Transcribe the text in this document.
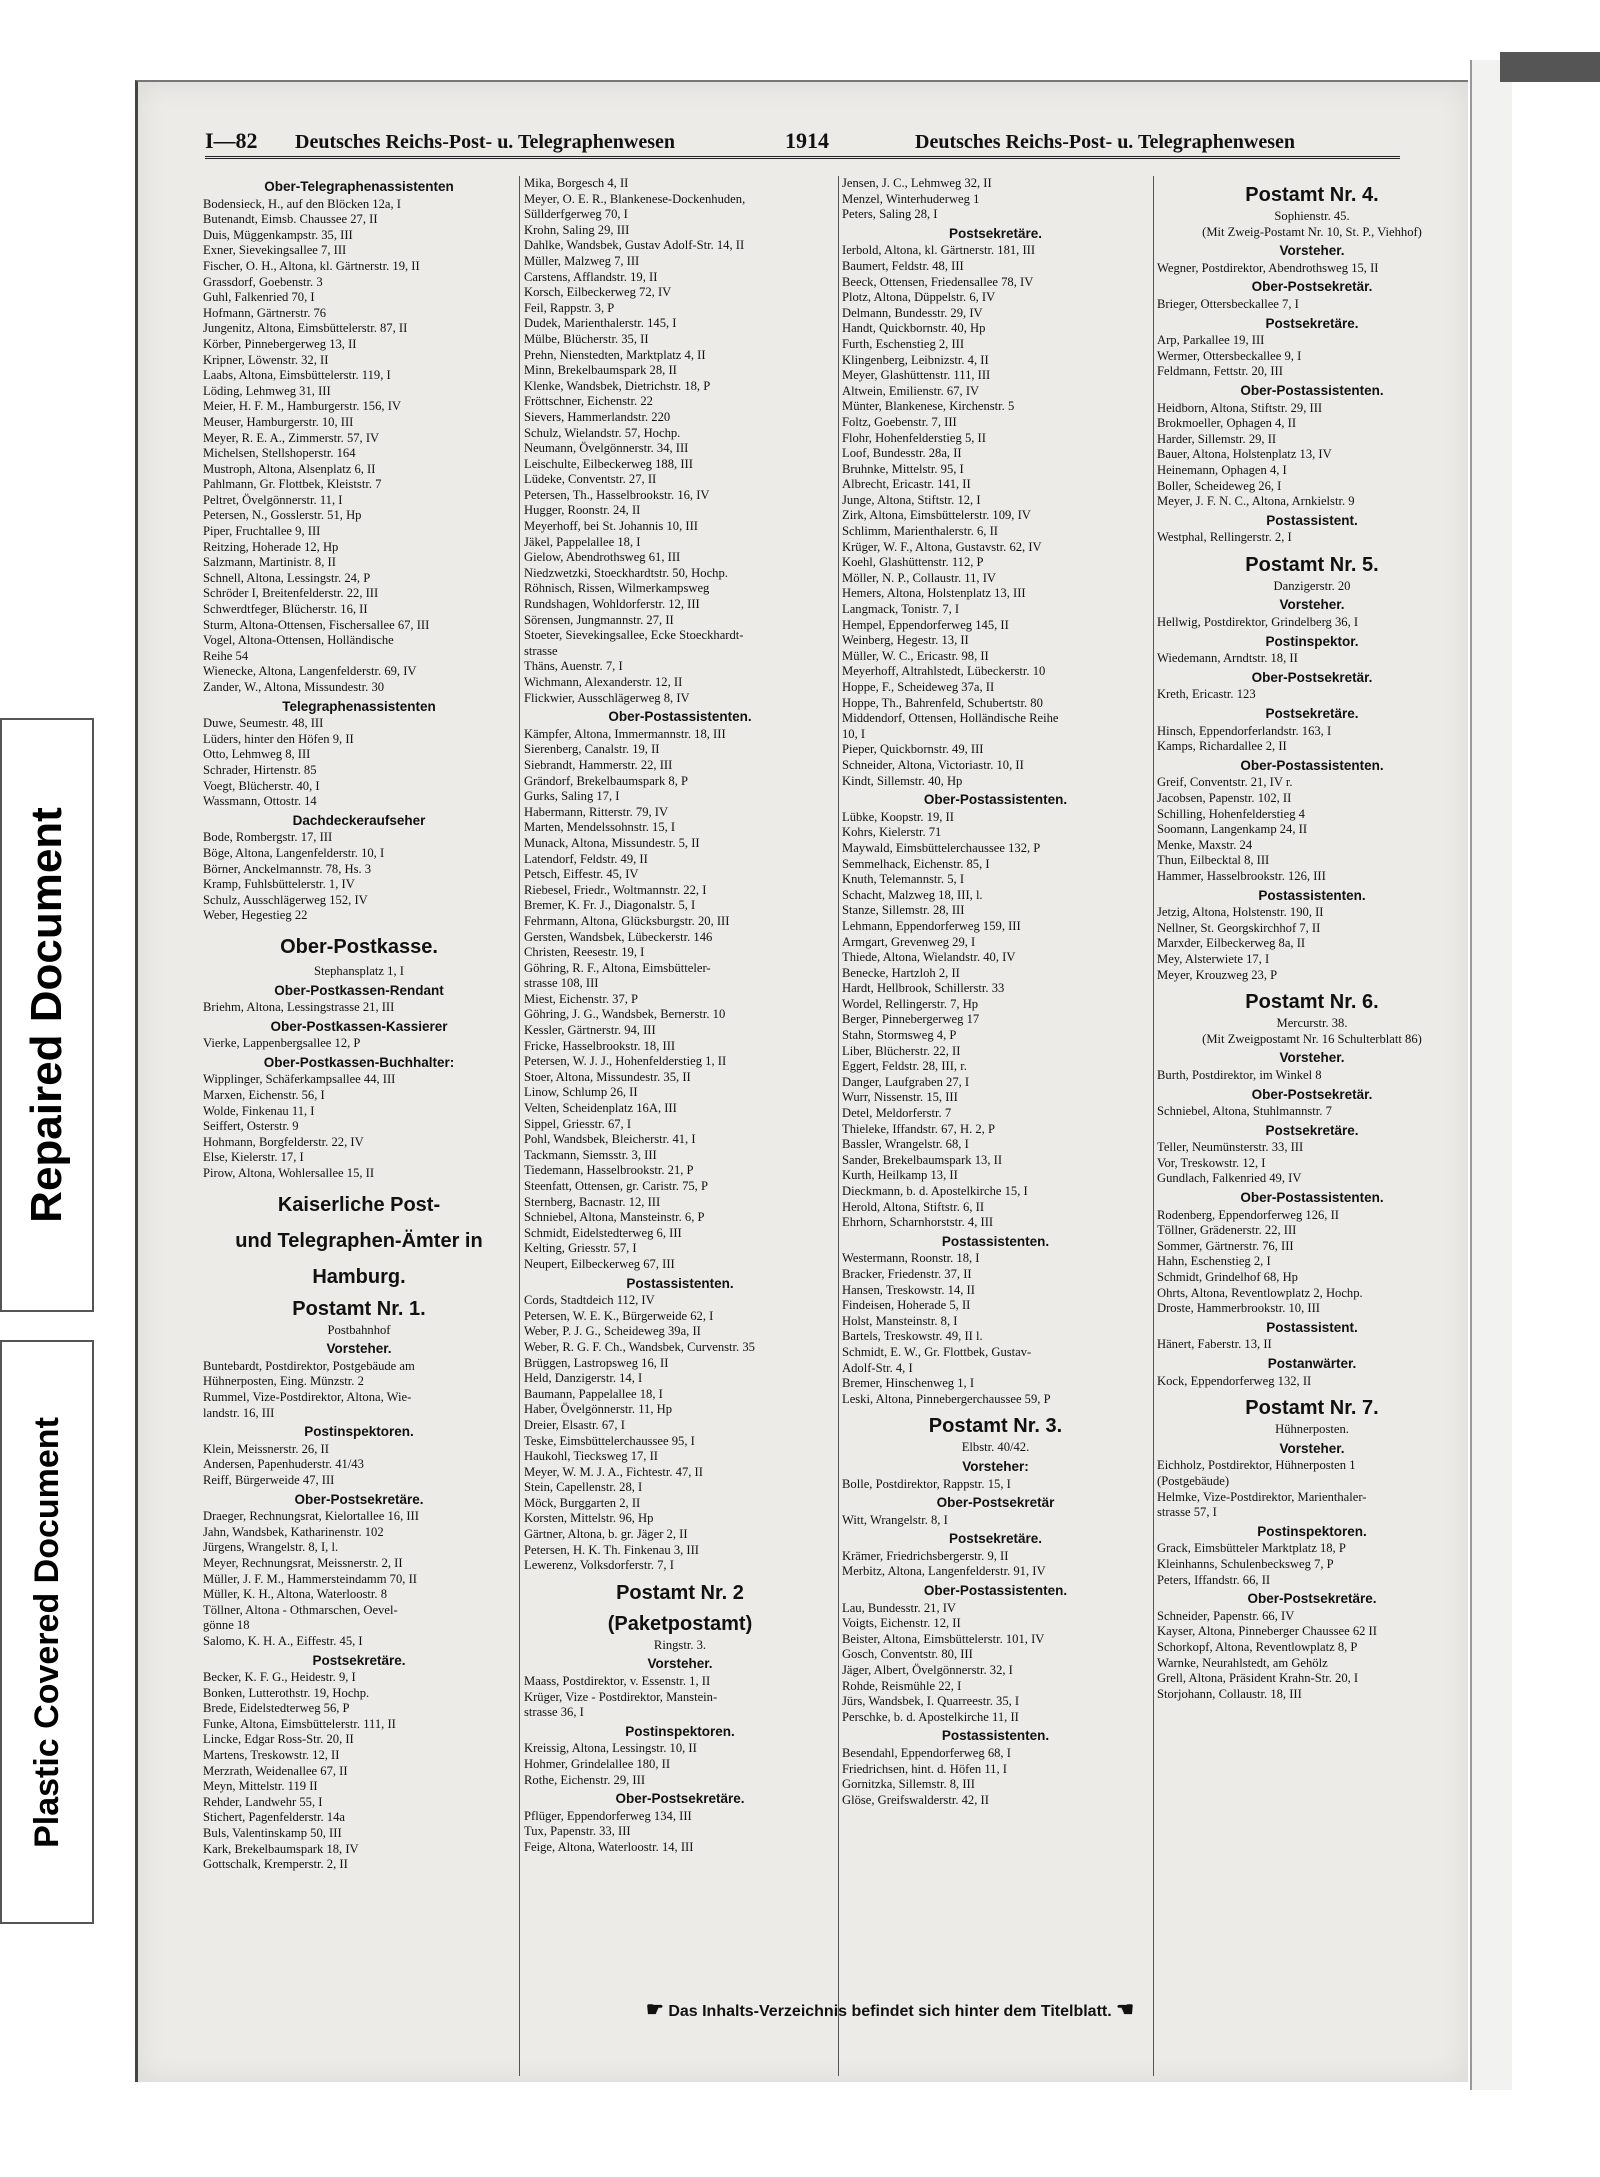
Repaired Document
Plastic Covered Document
I—82	Deutsches Reichs-Post- u. Telegraphenwesen	1914	Deutsches Reichs-Post- u. Telegraphenwesen
Ober-Telegraphenassistenten
Bodensieck, H., auf den Blöcken 12a, I
Butenandt, Eimsb. Chaussee 27, II
Duis, Müggenkampstr. 35, III
Exner, Sievekingsallee 7, III
Fischer, O. H., Altona, kl. Gärtnerstr. 19, II
Grassdorf, Goebenstr. 3
Guhl, Falkenried 70, I
Hofmann, Gärtnerstr. 76
Jungenitz, Altona, Eimsbüttelerstr. 87, II
Körber, Pinnebergerweg 13, II
Kripner, Löwenstr. 32, II
Laabs, Altona, Eimsbüttelerstr. 119, I
Löding, Lehmweg 31, III
Meier, H. F. M., Hamburgerstr. 156, IV
Meuser, Hamburgerstr. 10, III
Meyer, R. E. A., Zimmerstr. 57, IV
Michelsen, Stellshoperstr. 164
Mustroph, Altona, Alsenplatz 6, II
Pahlmann, Gr. Flottbek, Kleiststr. 7
Peltret, Övelgönnerstr. 11, I
Petersen, N., Gosslerstr. 51, Hp
Piper, Fruchtallee 9, III
Reitzing, Hoherade 12, Hp
Salzmann, Martinistr. 8, II
Schnell, Altona, Lessingstr. 24, P
Schröder I, Breitenfelderstr. 22, III
Schwerdtfeger, Blücherstr. 16, II
Sturm, Altona-Ottensen, Fischersallee 67, III
Vogel, Altona-Ottensen, Holländische
Reihe 54
Wienecke, Altona, Langenfelderstr. 69, IV
Zander, W., Altona, Missundestr. 30
Telegraphenassistenten
Duwe, Seumestr. 48, III
Lüders, hinter den Höfen 9, II
Otto, Lehmweg 8, III
Schrader, Hirtenstr. 85
Voegt, Blücherstr. 40, I
Wassmann, Ottostr. 14
Dachdeckeraufseher
Bode, Rombergstr. 17, III
Böge, Altona, Langenfelderstr. 10, I
Börner, Anckelmannstr. 78, Hs. 3
Kramp, Fuhlsbüttelerstr. 1, IV
Schulz, Ausschlägerweg 152, IV
Weber, Hegestieg 22
Ober-Postkasse.
Stephansplatz 1, I
Ober-Postkassen-Rendant
Briehm, Altona, Lessingstrasse 21, III
Ober-Postkassen-Kassierer
Vierke, Lappenbergsallee 12, P
Ober-Postkassen-Buchhalter:
Wipplinger, Schäferkampsallee 44, III
Marxen, Eichenstr. 56, I
Wolde, Finkenau 11, I
Seiffert, Osterstr. 9
Hohmann, Borgfelderstr. 22, IV
Else, Kielerstr. 17, I
Pirow, Altona, Wohlersallee 15, II
Kaiserliche Post-
und Telegraphen-Ämter in
Hamburg.
Postamt Nr. 1.
Postbahnhof
Vorsteher.
Buntebardt, Postdirektor, Postgebäude am
Hühnerposten, Eing. Münzstr. 2
Rummel, Vize-Postdirektor, Altona, Wie-
landstr. 16, III
Postinspektoren.
Klein, Meissnerstr. 26, II
Andersen, Papenhuderstr. 41/43
Reiff, Bürgerweide 47, III
Ober-Postsekretäre.
Draeger, Rechnungsrat, Kielortallee 16, III
Jahn, Wandsbek, Katharinenstr. 102
Jürgens, Wrangelstr. 8, I, l.
Meyer, Rechnungsrat, Meissnerstr. 2, II
Müller, J. F. M., Hammersteindamm 70, II
Müller, K. H., Altona, Waterloostr. 8
Töllner, Altona - Othmarschen, Oevel-
gönne 18
Salomo, K. H. A., Eiffestr. 45, I
Postsekretäre.
Becker, K. F. G., Heidestr. 9, I
Bonken, Lutterothstr. 19, Hochp.
Brede, Eidelstedterweg 56, P
Funke, Altona, Eimsbüttelerstr. 111, II
Lincke, Edgar Ross-Str. 20, II
Martens, Treskowstr. 12, II
Merzrath, Weidenallee 67, II
Meyn, Mittelstr. 119 II
Rehder, Landwehr 55, I
Stichert, Pagenfelderstr. 14a
Buls, Valentinskamp 50, III
Kark, Brekelbaumspark 18, IV
Gottschalk, Kremperstr. 2, II
Mika, Borgesch 4, II
Meyer, O. E. R., Blankenese-Dockenhuden,
Süllderfgerweg 70, I
Krohn, Saling 29, III
Dahlke, Wandsbek, Gustav Adolf-Str. 14, II
Müller, Malzweg 7, III
Carstens, Afflandstr. 19, II
Korsch, Eilbeckerweg 72, IV
Feil, Rappstr. 3, P
Dudek, Marienthalerstr. 145, I
Mülbe, Blücherstr. 35, II
Prehn, Nienstedten, Marktplatz 4, II
Minn, Brekelbaumspark 28, II
Klenke, Wandsbek, Dietrichstr. 18, P
Fröttschner, Eichenstr. 22
Sievers, Hammerlandstr. 220
Schulz, Wielandstr. 57, Hochp.
Neumann, Övelgönnerstr. 34, III
Leischulte, Eilbeckerweg 188, III
Lüdeke, Conventstr. 27, II
Petersen, Th., Hasselbrookstr. 16, IV
Hugger, Roonstr. 24, II
Meyerhoff, bei St. Johannis 10, III
Jäkel, Pappelallee 18, I
Gielow, Abendrothsweg 61, III
Niedzwetzki, Stoeckhardtstr. 50, Hochp.
Röhnisch, Rissen, Wilmerkampsweg
Rundshagen, Wohldorferstr. 12, III
Sörensen, Jungmannstr. 27, II
Stoeter, Sievekingsallee, Ecke Stoeckhardt-
strasse
Thäns, Auenstr. 7, I
Wichmann, Alexanderstr. 12, II
Flickwier, Ausschlägerweg 8, IV
Ober-Postassistenten.
Kämpfer, Altona, Immermannstr. 18, III
Sierenberg, Canalstr. 19, II
Siebrandt, Hammerstr. 22, III
Grändorf, Brekelbaumspark 8, P
Gurks, Saling 17, I
Habermann, Ritterstr. 79, IV
Marten, Mendelssohnstr. 15, I
Munack, Altona, Missundestr. 5, II
Latendorf, Feldstr. 49, II
Petsch, Eiffestr. 45, IV
Riebesel, Friedr., Woltmannstr. 22, I
Bremer, K. Fr. J., Diagonalstr. 5, I
Fehrmann, Altona, Glücksburgstr. 20, III
Gersten, Wandsbek, Lübeckerstr. 146
Christen, Reesestr. 19, I
Göhring, R. F., Altona, Eimsbütteler-
strasse 108, III
Miest, Eichenstr. 37, P
Göhring, J. G., Wandsbek, Bernerstr. 10
Kessler, Gärtnerstr. 94, III
Fricke, Hasselbrookstr. 18, III
Petersen, W. J. J., Hohenfelderstieg 1, II
Stoer, Altona, Missundestr. 35, II
Linow, Schlump 26, II
Velten, Scheidenplatz 16A, III
Sippel, Griesstr. 67, I
Pohl, Wandsbek, Bleicherstr. 41, I
Tackmann, Siemsstr. 3, III
Tiedemann, Hasselbrookstr. 21, P
Steenfatt, Ottensen, gr. Caristr. 75, P
Sternberg, Bacnastr. 12, III
Schniebel, Altona, Mansteinstr. 6, P
Schmidt, Eidelstedterweg 6, III
Kelting, Griesstr. 57, I
Neupert, Eilbeckerweg 67, III
Postassistenten.
Cords, Stadtdeich 112, IV
Petersen, W. E. K., Bürgerweide 62, I
Weber, P. J. G., Scheideweg 39a, II
Weber, R. G. F. Ch., Wandsbek, Curvenstr. 35
Brüggen, Lastropsweg 16, II
Held, Danzigerstr. 14, I
Baumann, Pappelallee 18, I
Haber, Övelgönnerstr. 11, Hp
Dreier, Elsastr. 67, I
Teske, Eimsbüttelerchaussee 95, I
Haukohl, Tiecksweg 17, II
Meyer, W. M. J. A., Fichtestr. 47, II
Stein, Capellenstr. 28, I
Möck, Burggarten 2, II
Korsten, Mittelstr. 96, Hp
Gärtner, Altona, b. gr. Jäger 2, II
Petersen, H. K. Th. Finkenau 3, III
Lewerenz, Volksdorferstr. 7, I
Postamt Nr. 2
(Paketpostamt)
Ringstr. 3.
Vorsteher.
Maass, Postdirektor, v. Essenstr. 1, II
Krüger, Vize - Postdirektor, Manstein-
strasse 36, I
Postinspektoren.
Kreissig, Altona, Lessingstr. 10, II
Hohmer, Grindelallee 180, II
Rothe, Eichenstr. 29, III
Ober-Postsekretäre.
Pflüger, Eppendorferweg 134, III
Tux, Papenstr. 33, III
Feige, Altona, Waterloostr. 14, III
Jensen, J. C., Lehmweg 32, II
Menzel, Winterhuderweg 1
Peters, Saling 28, I
Postsekretäre.
Ierbold, Altona, kl. Gärtnerstr. 181, III
Baumert, Feldstr. 48, III
Beeck, Ottensen, Friedensallee 78, IV
Plotz, Altona, Düppelstr. 6, IV
Delmann, Bundesstr. 29, IV
Handt, Quickbornstr. 40, Hp
Furth, Eschenstieg 2, III
Klingenberg, Leibnizstr. 4, II
Meyer, Glashüttenstr. 111, III
Altwein, Emilienstr. 67, IV
Münter, Blankenese, Kirchenstr. 5
Foltz, Goebenstr. 7, III
Flohr, Hohenfelderstieg 5, II
Loof, Bundesstr. 28a, II
Bruhnke, Mittelstr. 95, I
Albrecht, Ericastr. 141, II
Junge, Altona, Stiftstr. 12, I
Zirk, Altona, Eimsbüttelerstr. 109, IV
Schlimm, Marienthalerstr. 6, II
Krüger, W. F., Altona, Gustavstr. 62, IV
Koehl, Glashüttenstr. 112, P
Möller, N. P., Collaustr. 11, IV
Hemers, Altona, Holstenplatz 13, III
Langmack, Tonistr. 7, I
Hempel, Eppendorferweg 145, II
Weinberg, Hegestr. 13, II
Müller, W. C., Ericastr. 98, II
Meyerhoff, Altrahlstedt, Lübeckerstr. 10
Hoppe, F., Scheideweg 37a, II
Hoppe, Th., Bahrenfeld, Schubertstr. 80
Middendorf, Ottensen, Holländische Reihe
10, I
Pieper, Quickbornstr. 49, III
Schneider, Altona, Victoriastr. 10, II
Kindt, Sillemstr. 40, Hp
Ober-Postassistenten.
Lübke, Koopstr. 19, II
Kohrs, Kielerstr. 71
Maywald, Eimsbüttelerchaussee 132, P
Semmelhack, Eichenstr. 85, I
Knuth, Telemannstr. 5, I
Schacht, Malzweg 18, III, l.
Stanze, Sillemstr. 28, III
Lehmann, Eppendorferweg 159, III
Armgart, Grevenweg 29, I
Thiede, Altona, Wielandstr. 40, IV
Benecke, Hartzloh 2, II
Hardt, Hellbrook, Schillerstr. 33
Wordel, Rellingerstr. 7, Hp
Berger, Pinnebergerweg 17
Stahn, Stormsweg 4, P
Liber, Blücherstr. 22, II
Eggert, Feldstr. 28, III, r.
Danger, Laufgraben 27, I
Wurr, Nissenstr. 15, III
Detel, Meldorferstr. 7
Thieleke, Iffandstr. 67, H. 2, P
Bassler, Wrangelstr. 68, I
Sander, Brekelbaumspark 13, II
Kurth, Heilkamp 13, II
Dieckmann, b. d. Apostelkirche 15, I
Herold, Altona, Stiftstr. 6, II
Ehrhorn, Scharnhorststr. 4, III
Postassistenten.
Westermann, Roonstr. 18, I
Bracker, Friedenstr. 37, II
Hansen, Treskowstr. 14, II
Findeisen, Hoherade 5, II
Holst, Mansteinstr. 8, I
Bartels, Treskowstr. 49, II l.
Schmidt, E. W., Gr. Flottbek, Gustav-
Adolf-Str. 4, I
Bremer, Hinschenweg 1, I
Leski, Altona, Pinnebergerchaussee 59, P
Postamt Nr. 3.
Elbstr. 40/42.
Vorsteher:
Bolle, Postdirektor, Rappstr. 15, I
Ober-Postsekretär
Witt, Wrangelstr. 8, I
Postsekretäre.
Krämer, Friedrichsbergerstr. 9, II
Merbitz, Altona, Langenfelderstr. 91, IV
Ober-Postassistenten.
Lau, Bundesstr. 21, IV
Voigts, Eichenstr. 12, II
Beister, Altona, Eimsbüttelerstr. 101, IV
Gosch, Conventstr. 80, III
Jäger, Albert, Övelgönnerstr. 32, I
Rohde, Reismühle 22, I
Jürs, Wandsbek, I. Quarreestr. 35, I
Perschke, b. d. Apostelkirche 11, II
Postassistenten.
Besendahl, Eppendorferweg 68, I
Friedrichsen, hint. d. Höfen 11, I
Gornitzka, Sillemstr. 8, III
Glöse, Greifswalderstr. 42, II
Postamt Nr. 4.
Sophienstr. 45.
(Mit Zweig-Postamt Nr. 10, St. P., Viehhof)
Vorsteher.
Wegner, Postdirektor, Abendrothsweg 15, II
Ober-Postsekretär.
Brieger, Ottersbeckallee 7, I
Postsekretäre.
Arp, Parkallee 19, III
Wermer, Ottersbeckallee 9, I
Feldmann, Fettstr. 20, III
Ober-Postassistenten.
Heidborn, Altona, Stiftstr. 29, III
Brokmoeller, Ophagen 4, II
Harder, Sillemstr. 29, II
Bauer, Altona, Holstenplatz 13, IV
Heinemann, Ophagen 4, I
Boller, Scheideweg 26, I
Meyer, J. F. N. C., Altona, Arnkielstr. 9
Postassistent.
Westphal, Rellingerstr. 2, I
Postamt Nr. 5.
Danzigerstr. 20
Vorsteher.
Hellwig, Postdirektor, Grindelberg 36, I
Postinspektor.
Wiedemann, Arndtstr. 18, II
Ober-Postsekretär.
Kreth, Ericastr. 123
Postsekretäre.
Hinsch, Eppendorferlandstr. 163, I
Kamps, Richardallee 2, II
Ober-Postassistenten.
Greif, Conventstr. 21, IV r.
Jacobsen, Papenstr. 102, II
Schilling, Hohenfelderstieg 4
Soomann, Langenkamp 24, II
Menke, Maxstr. 24
Thun, Eilbecktal 8, III
Hammer, Hasselbrookstr. 126, III
Postassistenten.
Jetzig, Altona, Holstenstr. 190, II
Nellner, St. Georgskirchhof 7, II
Marxder, Eilbeckerweg 8a, II
Mey, Alsterwiete 17, I
Meyer, Krouzweg 23, P
Postamt Nr. 6.
Mercurstr. 38.
(Mit Zweigpostamt Nr. 16 Schulterblatt 86)
Vorsteher.
Burth, Postdirektor, im Winkel 8
Ober-Postsekretär.
Schniebel, Altona, Stuhlmannstr. 7
Postsekretäre.
Teller, Neumünsterstr. 33, III
Vor, Treskowstr. 12, I
Gundlach, Falkenried 49, IV
Ober-Postassistenten.
Rodenberg, Eppendorferweg 126, II
Töllner, Grädenerstr. 22, III
Sommer, Gärtnerstr. 76, III
Hahn, Eschenstieg 2, I
Schmidt, Grindelhof 68, Hp
Ohrts, Altona, Reventlowplatz 2, Hochp.
Droste, Hammerbrookstr. 10, III
Postassistent.
Hänert, Faberstr. 13, II
Postanwärter.
Kock, Eppendorferweg 132, II
Postamt Nr. 7.
Hühnerposten.
Vorsteher.
Eichholz, Postdirektor, Hühnerposten 1
(Postgebäude)
Helmke, Vize-Postdirektor, Marienthaler-
strasse 57, I
Postinspektoren.
Grack, Eimsbütteler Marktplatz 18, P
Kleinhanns, Schulenbecksweg 7, P
Peters, Iffandstr. 66, II
Ober-Postsekretäre.
Schneider, Papenstr. 66, IV
Kayser, Altona, Pinneberger Chaussee 62 II
Schorkopf, Altona, Reventlowplatz 8, P
Warnke, Neurahlstedt, am Gehölz
Grell, Altona, Präsident Krahn-Str. 20, I
Storjohann, Collaustr. 18, III
☛ Das Inhalts-Verzeichnis befindet sich hinter dem Titelblatt. ☚
